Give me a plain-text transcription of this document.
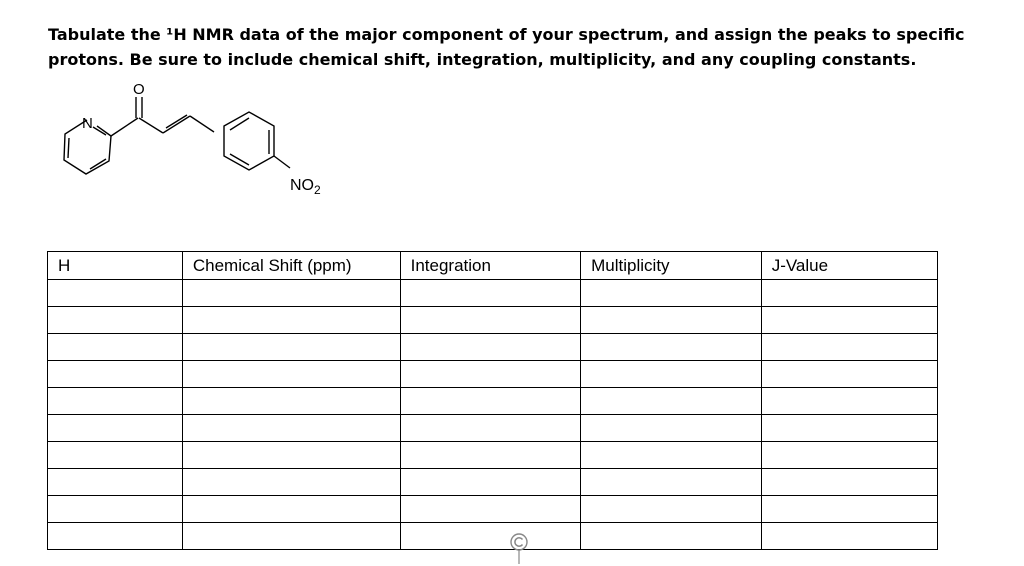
Tabulate the ¹H NMR data of the major component of your spectrum, and assign the peaks to specific
protons. Be sure to include chemical shift, integration, multiplicity, and any coupling constants.
O
N
$NO_2$
H	Chemical Shift (ppm)	Integration	Multiplicity	J-Value
